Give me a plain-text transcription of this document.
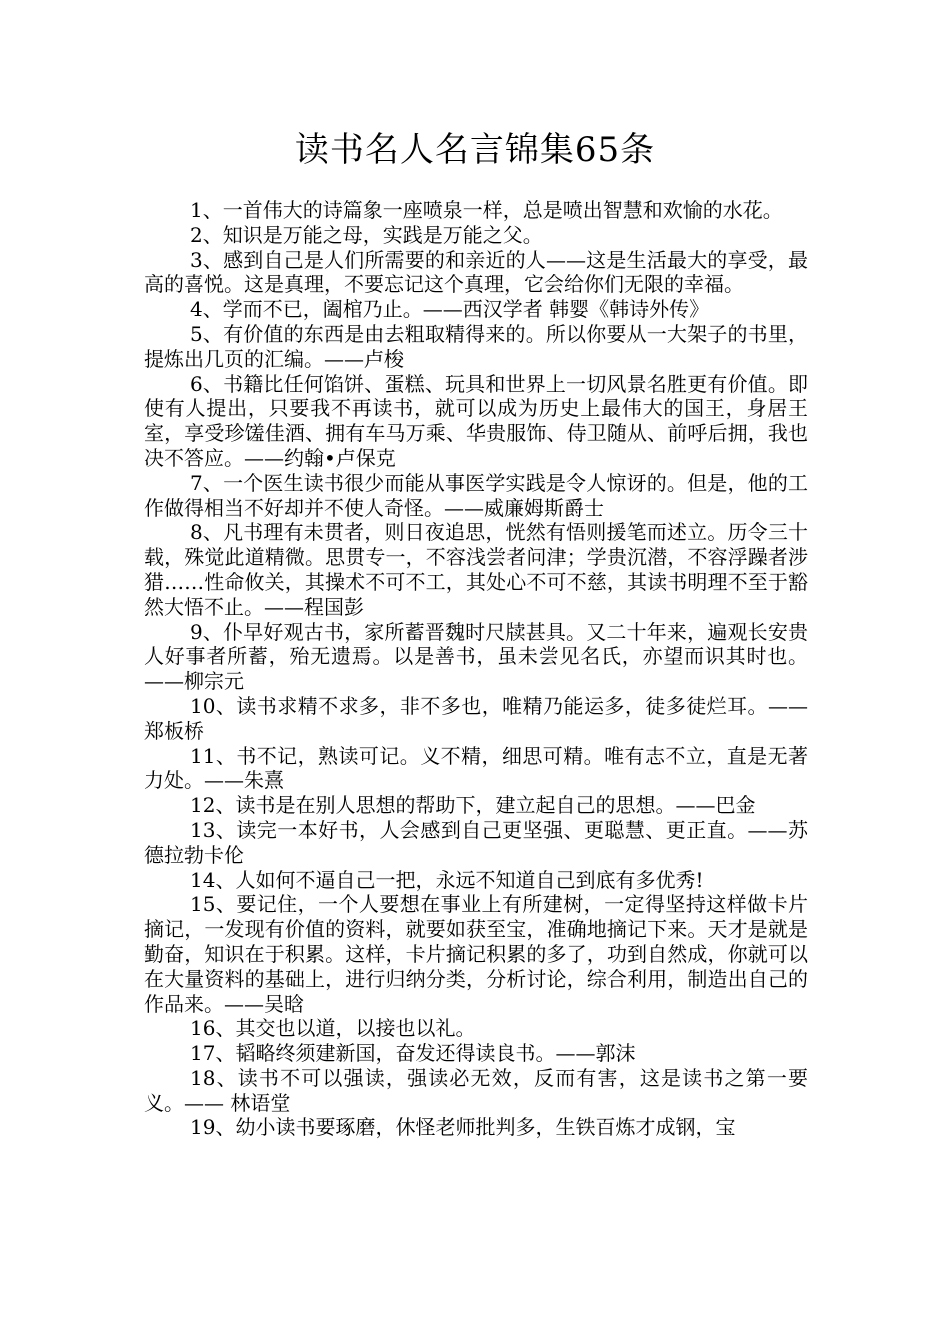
读书名人名言锦集65条

1、一首伟大的诗篇象一座喷泉一样，总是喷出智慧和欢愉的水花。

2、知识是万能之母，实践是万能之父。

3、感到自己是人们所需要的和亲近的人——这是生活最大的享受，最高的喜悦。这是真理，不要忘记这个真理，它会给你们无限的幸福。

4、学而不已，阖棺乃止。——西汉学者 韩婴《韩诗外传》

5、有价值的东西是由去粗取精得来的。所以你要从一大架子的书里，提炼出几页的汇编。——卢梭

6、书籍比任何馅饼、蛋糕、玩具和世界上一切风景名胜更有价值。即使有人提出，只要我不再读书，就可以成为历史上最伟大的国王，身居王室，享受珍馐佳酒、拥有车马万乘、华贵服饰、侍卫随从、前呼后拥，我也决不答应。——约翰•卢保克

7、一个医生读书很少而能从事医学实践是令人惊讶的。但是，他的工作做得相当不好却并不使人奇怪。——威廉姆斯爵士

8、凡书理有未贯者，则日夜追思，恍然有悟则援笔而述立。历令三十载，殊觉此道精微。思贯专一，不容浅尝者问津；学贵沉潜，不容浮躁者涉猎……性命攸关，其操术不可不工，其处心不可不慈，其读书明理不至于豁然大悟不止。——程国彭

9、仆早好观古书，家所蓄晋魏时尺牍甚具。又二十年来，遍观长安贵人好事者所蓄，殆无遗焉。以是善书，虽未尝见名氏，亦望而识其时也。——柳宗元

10、读书求精不求多，非不多也，唯精乃能运多，徒多徒烂耳。——郑板桥

11、书不记，熟读可记。义不精，细思可精。唯有志不立，直是无著力处。——朱熹

12、读书是在别人思想的帮助下，建立起自己的思想。——巴金

13、读完一本好书，人会感到自己更坚强、更聪慧、更正直。——苏德拉勃卡伦

14、人如何不逼自己一把，永远不知道自己到底有多优秀!

15、要记住，一个人要想在事业上有所建树，一定得坚持这样做卡片摘记，一发现有价值的资料，就要如获至宝，准确地摘记下来。天才是就是勤奋，知识在于积累。这样，卡片摘记积累的多了，功到自然成，你就可以在大量资料的基础上，进行归纳分类，分析讨论，综合利用，制造出自己的作品来。——吴晗

16、其交也以道，以接也以礼。

17、韬略终须建新国，奋发还得读良书。——郭沫

18、读书不可以强读，强读必无效，反而有害，这是读书之第一要义。—— 林语堂

19、幼小读书要琢磨，休怪老师批判多，生铁百炼才成钢，宝
